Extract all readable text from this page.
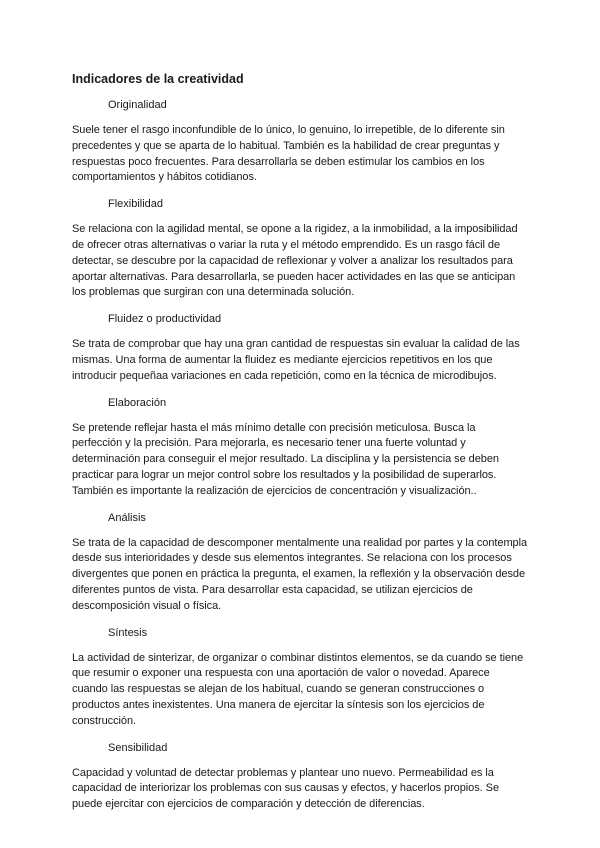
Indicadores de la creatividad
Originalidad

Suele tener el rasgo inconfundible de lo único, lo genuino, lo irrepetible, de lo diferente sin precedentes y que se aparta de lo habitual. También es la habilidad de crear preguntas y respuestas poco frecuentes. Para desarrollarla se deben estimular los cambios en los comportamientos y hábitos cotidianos.

Flexibilidad

Se relaciona con la agilidad mental, se opone a la rigidez, a la inmobilidad, a la imposibilidad de ofrecer otras alternativas o variar la ruta y el método emprendido. Es un rasgo fácil de detectar, se descubre por la capacidad de reflexionar y volver a analizar los resultados para aportar alternativas. Para desarrollarla, se pueden hacer actividades en las que se anticipan los problemas que surgiran con una determinada solución.

Fluidez o productividad

Se trata de comprobar que hay una gran cantidad de respuestas sin evaluar la calidad de las mismas. Una forma de aumentar la fluidez es mediante ejercicios repetitivos en los que introducir pequeñaa variaciones en cada repetición, como en la técnica de microdibujos.

Elaboración

Se pretende reflejar hasta el más mínimo detalle con precisión meticulosa. Busca la perfección y la precisión. Para mejorarla, es necesario tener una fuerte voluntad y determinación para conseguir el mejor resultado. La disciplina y la persistencia se deben practicar para lograr un mejor control sobre los resultados y la posibilidad de superarlos. También es importante la realización de ejercicios de concentración y visualización..

Análisis

Se trata de la capacidad de descomponer mentalmente una realidad por partes y la contempla desde sus interioridades y desde sus elementos integrantes. Se relaciona con los procesos divergentes que ponen en práctica la pregunta, el examen, la reflexión y la observación desde diferentes puntos de vista. Para desarrollar esta capacidad, se utilizan ejercicios de descomposición visual o física.

Síntesis

La actividad de sinterizar, de organizar o combinar distintos elementos, se da cuando se tiene que resumir o exponer una respuesta con una aportación de valor o novedad. Aparece cuando las respuestas se alejan de los habitual, cuando se generan construcciones o productos antes inexistentes. Una manera de ejercitar la síntesis son los ejercicios de construcción.

Sensibilidad

Capacidad y voluntad de detectar problemas y plantear uno nuevo. Permeabilidad es la capacidad de interiorizar los problemas con sus causas y efectos, y hacerlos propios. Se puede ejercitar con ejercicios de comparación y detección de diferencias.
